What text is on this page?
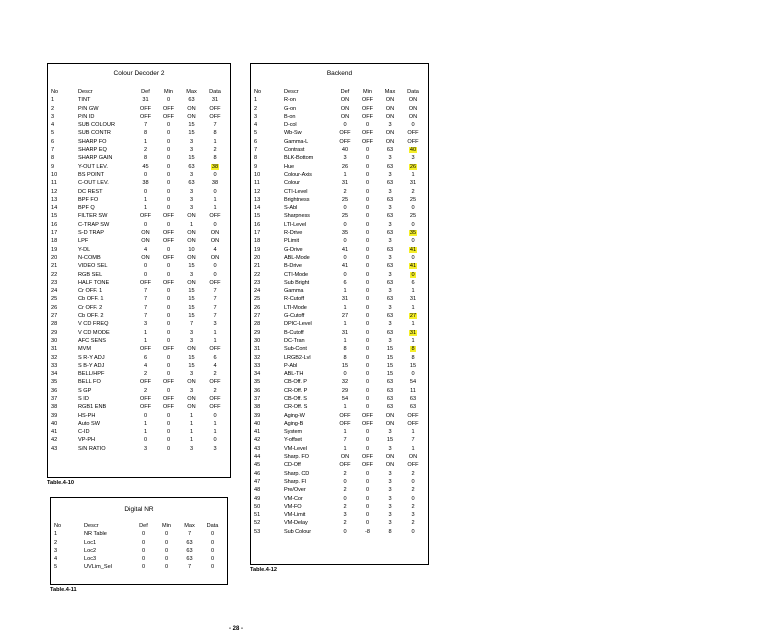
Colour Decoder 2
No	Descr	Def	Min	Max	Data
1	TINT	31	0	63	31
2	P/N GW	OFF	OFF	ON	OFF
3	P/N ID	OFF	OFF	ON	OFF
4	SUB COLOUR	7	0	15	7
5	SUB CONTR	8	0	15	8
6	SHARP FO	1	0	3	1
7	SHARP EQ	2	0	3	2
8	SHARP GAIN	8	0	15	8
9	Y-OUT LEV.	45	0	63	38
10	BS POINT	0	0	3	0
11	C-OUT LEV.	38	0	63	38
12	DC REST	0	0	3	0
13	BPF FO	1	0	3	1
14	BPF Q	1	0	3	1
15	FILTER SW	OFF	OFF	ON	OFF
16	C-TRAP SW	0	0	1	0
17	S-D TRAP	ON	OFF	ON	ON
18	LPF	ON	OFF	ON	ON
19	Y-DL	4	0	10	4
20	N-COMB	ON	OFF	ON	ON
21	VIDEO SEL	0	0	15	0
22	RGB SEL	0	0	3	0
23	HALF TONE	OFF	OFF	ON	OFF
24	Cr OFF. 1	7	0	15	7
25	Cb OFF. 1	7	0	15	7
26	Cr OFF. 2	7	0	15	7
27	Cb OFF. 2	7	0	15	7
28	V CD FREQ	3	0	7	3
29	V CD MODE	1	0	3	1
30	AFC SENS	1	0	3	1
31	MVM	OFF	OFF	ON	OFF
32	S R-Y ADJ	6	0	15	6
33	S B-Y ADJ	4	0	15	4
34	BELL/HPF	2	0	3	2
35	BELL FO	OFF	OFF	ON	OFF
36	S GP	2	0	3	2
37	S ID	OFF	OFF	ON	OFF
38	RGB1 ENB	OFF	OFF	ON	OFF
39	HS-PH	0	0	1	0
40	Auto SW	1	0	1	1
41	C-ID	1	0	1	1
42	VP-PH	0	0	1	0
43	S/N RATIO	3	0	3	3
Table.4-10
Digital NR
No	Descr	Def	Min	Max	Data
1	NR Table	0	0	7	0
2	Loc1	0	0	63	0
3	Loc2	0	0	63	0
4	Loc3	0	0	63	0
5	UVLim_Sel	0	0	7	0
Table.4-11
Backend
No	Descr	Def	Min	Max	Data
1	R-on	ON	OFF	ON	ON
2	G-on	ON	OFF	ON	ON
3	B-on	ON	OFF	ON	ON
4	D-col	0	0	3	0
5	Wb-Sw	OFF	OFF	ON	OFF
6	Gamma-L	OFF	OFF	ON	OFF
7	Contrast	40	0	63	40
8	BLK-Bottom	3	0	3	3
9	Hue	26	0	63	26
10	Colour-Axis	1	0	3	1
11	Colour	31	0	63	31
12	CTI-Level	2	0	3	2
13	Brightness	25	0	63	25
14	S-Abl	0	0	3	0
15	Sharpness	25	0	63	25
16	LTI-Level	0	0	3	0
17	R-Drive	35	0	63	35
18	PLimit	0	0	3	0
19	G-Drive	41	0	63	41
20	ABL-Mode	0	0	3	0
21	B-Drive	41	0	63	41
22	CTI-Mode	0	0	3	0
23	Sub Bright	6	0	63	6
24	Gamma	1	0	3	1
25	R-Cutoff	31	0	63	31
26	LTI-Mode	1	0	3	1
27	G-Cutoff	27	0	63	27
28	DPIC-Level	1	0	3	1
29	B-Cutoff	31	0	63	31
30	DC-Tran	1	0	3	1
31	Sub-Cont	8	0	15	8
32	LRGB2-Lvl	8	0	15	8
33	P-Abl	15	0	15	15
34	ABL-TH	0	0	15	0
35	CB-Off. P	32	0	63	54
36	CR-Off. P	29	0	63	11
37	CB-Off. S	54	0	63	63
38	CR-Off. S	1	0	63	63
39	Aging-W	OFF	OFF	ON	OFF
40	Aging-B	OFF	OFF	ON	OFF
41	System	1	0	3	1
42	Y-offset	7	0	15	7
43	VM-Level	1	0	3	1
44	Sharp. FO	ON	OFF	ON	ON
45	CD-Off	OFF	OFF	ON	OFF
46	Sharp. CD	2	0	3	2
47	Sharp. Fl	0	0	3	0
48	Pre/Over	2	0	3	2
49	VM-Cor	0	0	3	0
50	VM-FO	2	0	3	2
51	VM-Limit	3	0	3	3
52	VM-Delay	2	0	3	2
53	Sub Colour	0	-8	8	0
Table.4-12
- 28 -
